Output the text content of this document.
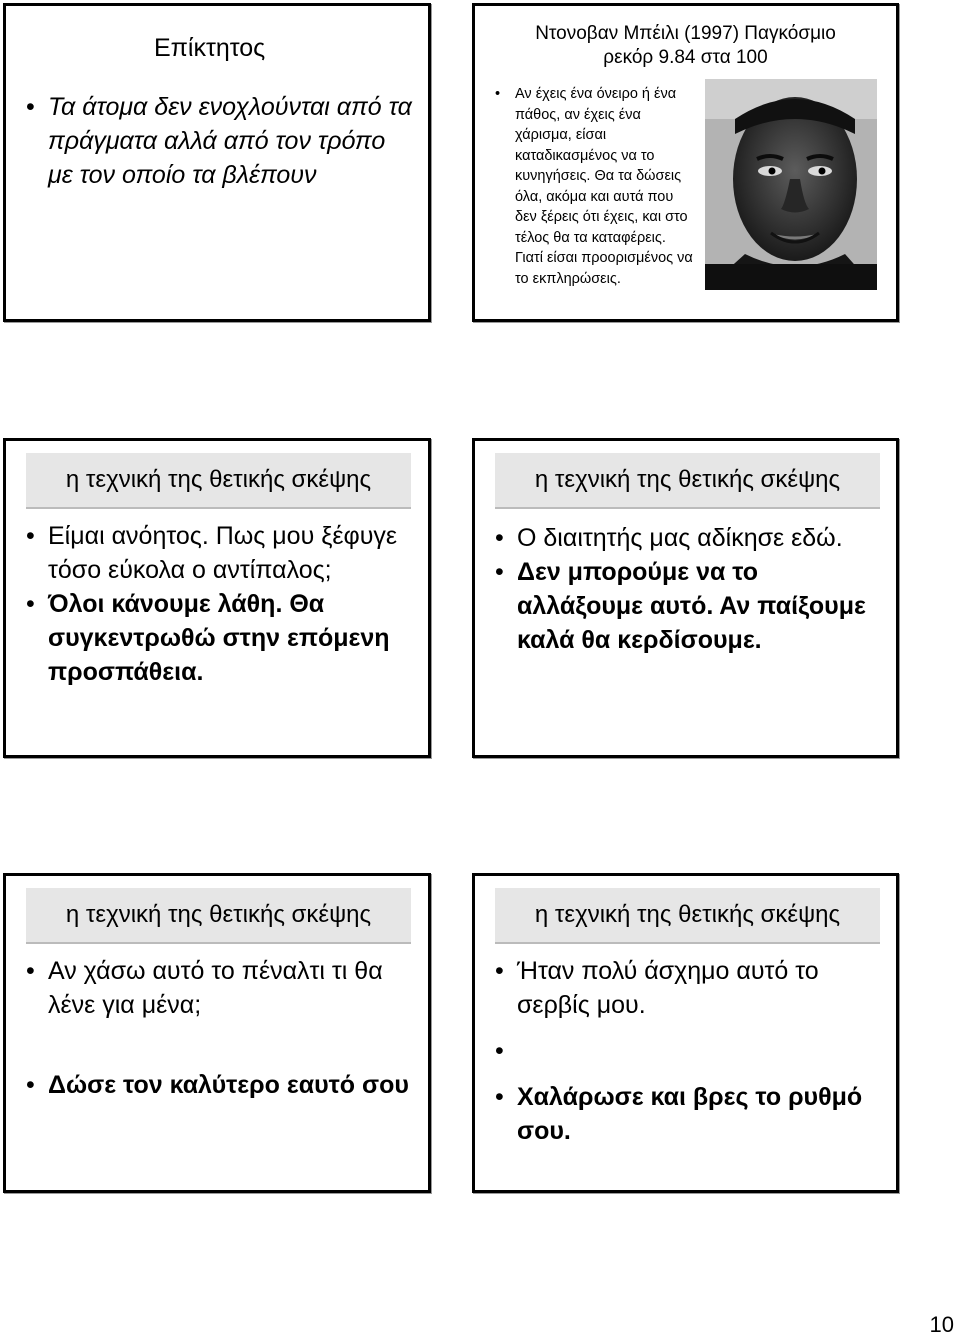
Επίκτητος
• Τα άτομα δεν ενοχλούνται από τα πράγματα αλλά από τον τρόπο με τον οποίο τα βλέπουν
Ντονοβαν Μπέιλι (1997) Παγκόσμιο
ρεκόρ 9.84 στα 100
• Αν έχεις ένα όνειρο ή ένα πάθος, αν έχεις ένα χάρισμα, είσαι καταδικασμένος να το κυνηγήσεις. Θα τα δώσεις όλα, ακόμα και αυτά που δεν ξέρεις ότι έχεις, και στο τέλος θα τα καταφέρεις. Γιατί είσαι προορισμένος να το εκπληρώσεις.
η τεχνική της θετικής σκέψης
• Είμαι ανόητος. Πως μου ξέφυγε τόσο εύκολα ο αντίπαλος;
• Όλοι κάνουμε λάθη. Θα συγκεντρωθώ στην επόμενη προσπάθεια.
η τεχνική της θετικής σκέψης
• Ο διαιτητής μας αδίκησε εδώ.
• Δεν μπορούμε να το αλλάξουμε αυτό. Αν παίξουμε καλά θα κερδίσουμε.
η τεχνική της θετικής σκέψης
• Αν χάσω αυτό το πέναλτι τι θα λένε για μένα;
• Δώσε τον καλύτερο εαυτό σου
η τεχνική της θετικής σκέψης
• Ήταν πολύ άσχημο αυτό το σερβίς μου.
•
• Χαλάρωσε και βρες το ρυθμό σου.
10
